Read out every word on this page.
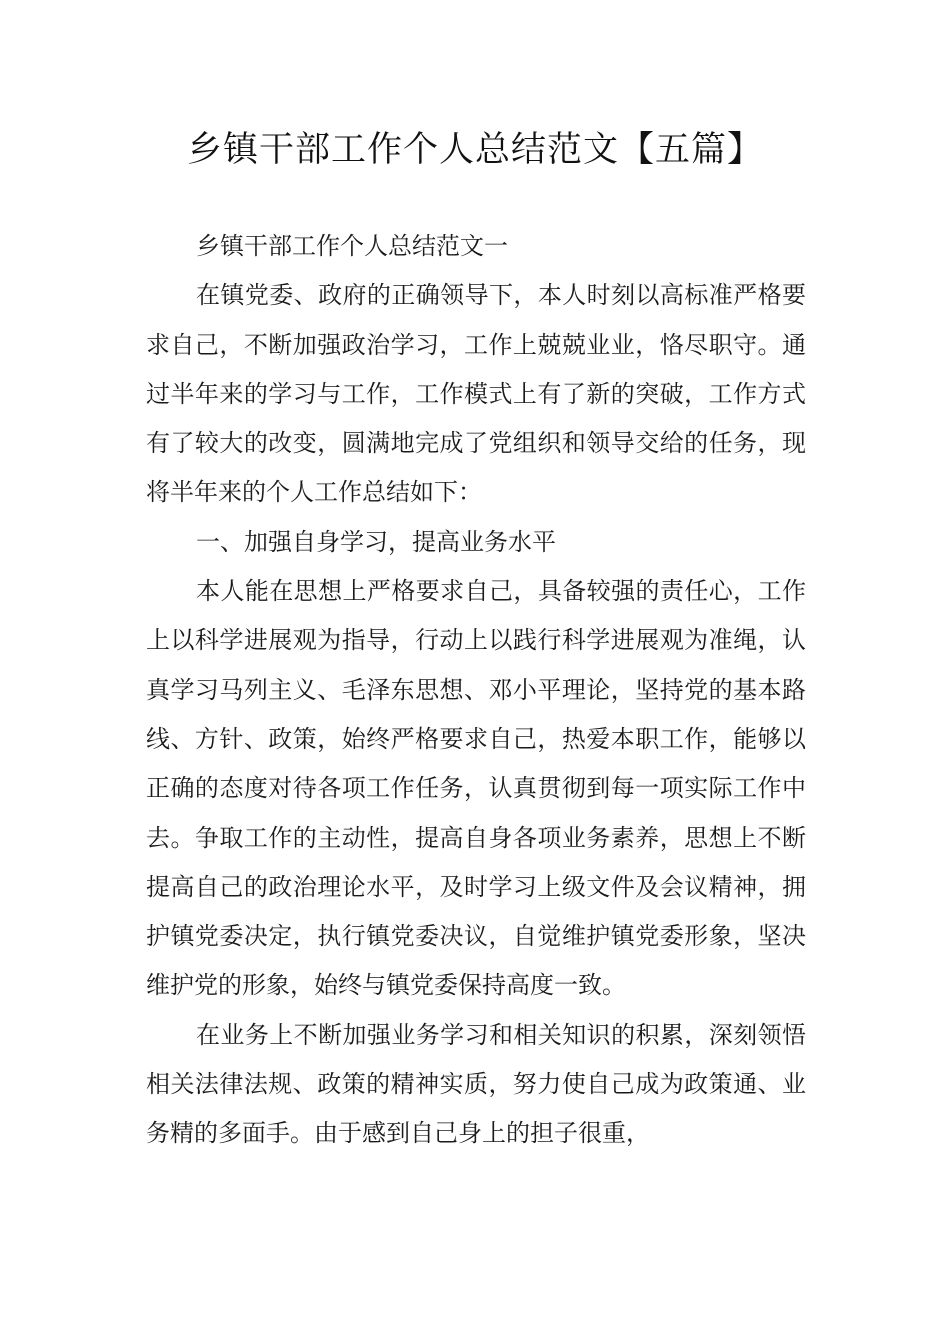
乡镇干部工作个人总结范文【五篇】

乡镇干部工作个人总结范文一

在镇党委、政府的正确领导下，本人时刻以高标准严格要求自己，不断加强政治学习，工作上兢兢业业，恪尽职守。通过半年来的学习与工作，工作模式上有了新的突破，工作方式有了较大的改变，圆满地完成了党组织和领导交给的任务，现将半年来的个人工作总结如下：

一、加强自身学习，提高业务水平

本人能在思想上严格要求自己，具备较强的责任心，工作上以科学进展观为指导，行动上以践行科学进展观为准绳，认真学习马列主义、毛泽东思想、邓小平理论，坚持党的基本路线、方针、政策，始终严格要求自己，热爱本职工作，能够以正确的态度对待各项工作任务，认真贯彻到每一项实际工作中去。争取工作的主动性，提高自身各项业务素养，思想上不断提高自己的政治理论水平，及时学习上级文件及会议精神，拥护镇党委决定，执行镇党委决议，自觉维护镇党委形象，坚决维护党的形象，始终与镇党委保持高度一致。

在业务上不断加强业务学习和相关知识的积累，深刻领悟相关法律法规、政策的精神实质，努力使自己成为政策通、业务精的多面手。由于感到自己身上的担子很重，
